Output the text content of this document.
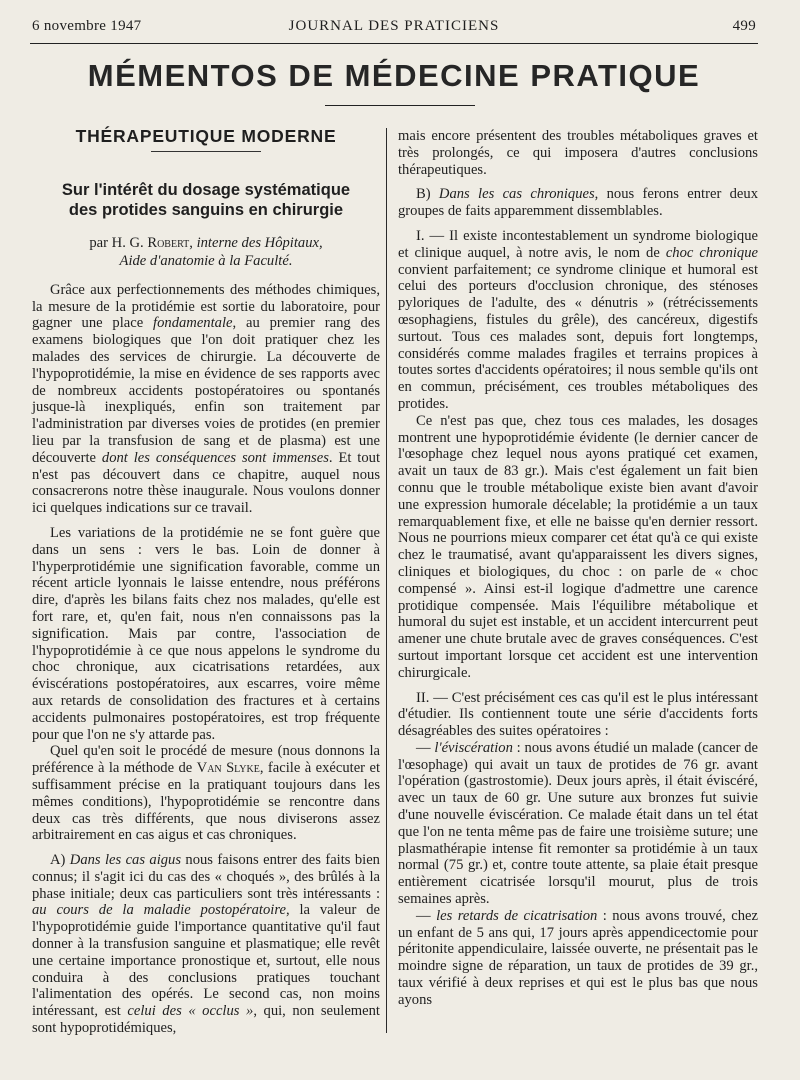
6 novembre 1947	JOURNAL DES PRATICIENS	499
MÉMENTOS DE MÉDECINE PRATIQUE
THÉRAPEUTIQUE MODERNE
Sur l'intérêt du dosage systématique
des protides sanguins en chirurgie
par H. G. Robert, interne des Hôpitaux,
Aide d'anatomie à la Faculté.

Grâce aux perfectionnements des méthodes chimiques, la mesure de la protidémie est sortie du laboratoire, pour gagner une place fondamentale, au premier rang des examens biologiques que l'on doit pratiquer chez les malades des services de chirurgie. La découverte de l'hypoprotidémie, la mise en évidence de ses rapports avec de nombreux accidents postopératoires ou spontanés jusque-là inexpliqués, enfin son traitement par l'administration par diverses voies de protides (en premier lieu par la transfusion de sang et de plasma) est une découverte dont les conséquences sont immenses. Et tout n'est pas découvert dans ce chapitre, auquel nous consacrerons notre thèse inaugurale. Nous voulons donner ici quelques indications sur ce travail.

Les variations de la protidémie ne se font guère que dans un sens : vers le bas. Loin de donner à l'hyperprotidémie une signification favorable, comme un récent article lyonnais le laisse entendre, nous préférons dire, d'après les bilans faits chez nos malades, qu'elle est fort rare, et, qu'en fait, nous n'en connaissons pas la signification. Mais par contre, l'association de l'hypoprotidémie à ce que nous appelons le syndrome du choc chronique, aux cicatrisations retardées, aux éviscérations postopératoires, aux escarres, voire même aux retards de consolidation des fractures et à certains accidents pulmonaires postopératoires, est trop fréquente pour que l'on ne s'y attarde pas.

Quel qu'en soit le procédé de mesure (nous donnons la préférence à la méthode de Van Slyke, facile à exécuter et suffisamment précise en la pratiquant toujours dans les mêmes conditions), l'hypoprotidémie se rencontre dans deux cas très différents, que nous diviserons assez arbitrairement en cas aigus et cas chroniques.

A) Dans les cas aigus nous faisons entrer des faits bien connus; il s'agit ici du cas des « choqués », des brûlés à la phase initiale; deux cas particuliers sont très intéressants : au cours de la maladie postopératoire, la valeur de l'hypoprotidémie guide l'importance quantitative qu'il faut donner à la transfusion sanguine et plasmatique; elle revêt une certaine importance pronostique et, surtout, elle nous conduira à des conclusions pratiques touchant l'alimentation des opérés. Le second cas, non moins intéressant, est celui des « occlus », qui, non seulement sont hypoprotidémiques,

mais encore présentent des troubles métaboliques graves et très prolongés, ce qui imposera d'autres conclusions thérapeutiques.

B) Dans les cas chroniques, nous ferons entrer deux groupes de faits apparemment dissemblables.

I. — Il existe incontestablement un syndrome biologique et clinique auquel, à notre avis, le nom de choc chronique convient parfaitement; ce syndrome clinique et humoral est celui des porteurs d'occlusion chronique, des sténoses pyloriques de l'adulte, des « dénutris » (rétrécissements œsophagiens, fistules du grêle), des cancéreux, digestifs surtout. Tous ces malades sont, depuis fort longtemps, considérés comme malades fragiles et terrains propices à toutes sortes d'accidents opératoires; il nous semble qu'ils ont en commun, précisément, ces troubles métaboliques des protides.

Ce n'est pas que, chez tous ces malades, les dosages montrent une hypoprotidémie évidente (le dernier cancer de l'œsophage chez lequel nous ayons pratiqué cet examen, avait un taux de 83 gr.). Mais c'est également un fait bien connu que le trouble métabolique existe bien avant d'avoir une expression humorale décelable; la protidémie a un taux remarquablement fixe, et elle ne baisse qu'en dernier ressort. Nous ne pourrions mieux comparer cet état qu'à ce qui existe chez le traumatisé, avant qu'apparaissent les divers signes, cliniques et biologiques, du choc : on parle de « choc compensé ». Ainsi est-il logique d'admettre une carence protidique compensée. Mais l'équilibre métabolique et humoral du sujet est instable, et un accident intercurrent peut amener une chute brutale avec de graves conséquences. C'est surtout important lorsque cet accident est une intervention chirurgicale.

II. — C'est précisément ces cas qu'il est le plus intéressant d'étudier. Ils contiennent toute une série d'accidents forts désagréables des suites opératoires :

— l'éviscération : nous avons étudié un malade (cancer de l'œsophage) qui avait un taux de protides de 76 gr. avant l'opération (gastrostomie). Deux jours après, il était éviscéré, avec un taux de 60 gr. Une suture aux bronzes fut suivie d'une nouvelle éviscération. Ce malade était dans un tel état que l'on ne tenta même pas de faire une troisième suture; une plasmathérapie intense fit remonter sa protidémie à un taux normal (75 gr.) et, contre toute attente, sa plaie était presque entièrement cicatrisée lorsqu'il mourut, plus de trois semaines après.

— les retards de cicatrisation : nous avons trouvé, chez un enfant de 5 ans qui, 17 jours après appendicectomie pour péritonite appendiculaire, laissée ouverte, ne présentait pas le moindre signe de réparation, un taux de protides de 39 gr., taux vérifié à deux reprises et qui est le plus bas que nous ayons
